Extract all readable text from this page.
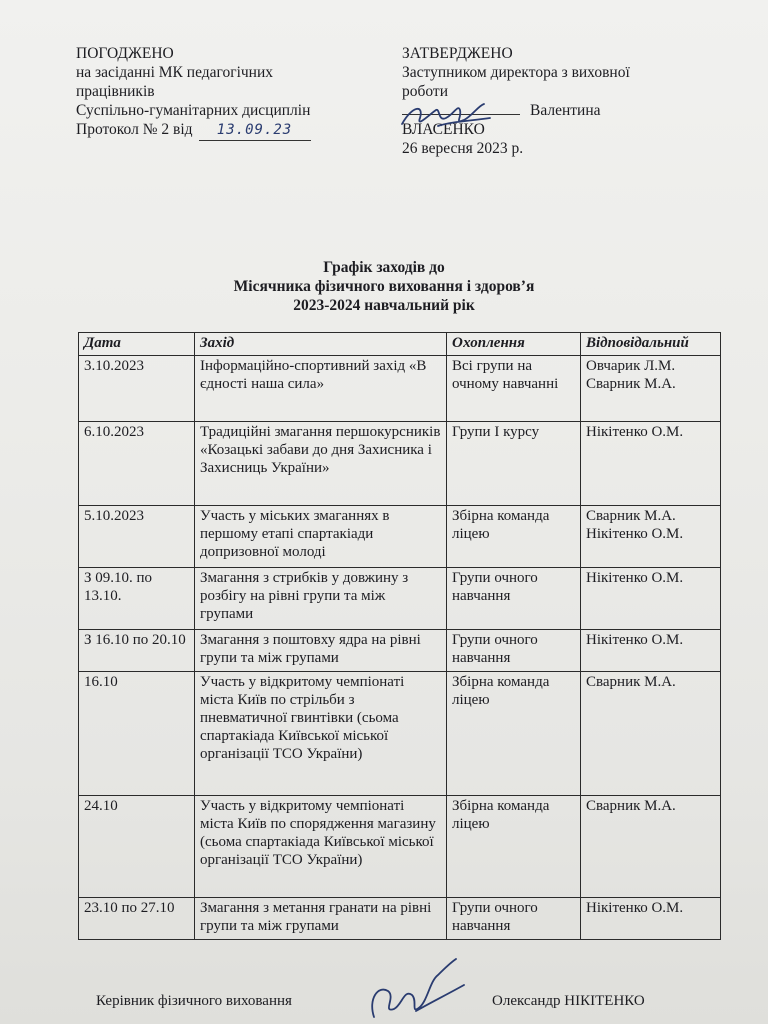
ПОГОДЖЕНО
на засіданні МК педагогічних
працівників
Суспільно-гуманітарних дисциплін
Протокол № 2 від 13.09.23
ЗАТВЕРДЖЕНО
Заступником директора з виховної
роботи
Валентина
ВЛАСЕНКО
26 вересня 2023 р.
Графік заходів до
Місячника фізичного виховання і здоров’я
2023-2024 навчальний рік
Дата	Захід	Охоплення	Відповідальний
3.10.2023	Інформаційно-спортивний захід «В єдності наша сила»	Всі групи на очному навчанні	Овчарик Л.М. Сварник М.А.
6.10.2023	Традиційні змагання першокурсників «Козацькі забави до дня Захисника і Захисниць України»	Групи І курсу	Нікітенко О.М.
5.10.2023	Участь у міських змаганнях в першому етапі спартакіади допризовної молоді	Збірна команда ліцею	Сварник М.А. Нікітенко О.М.
З 09.10. по 13.10.	Змагання з стрибків у довжину з розбігу на рівні групи та між групами	Групи очного навчання	Нікітенко О.М.
З 16.10 по 20.10	Змагання з поштовху ядра на рівні групи та між групами	Групи очного навчання	Нікітенко О.М.
16.10	Участь у відкритому чемпіонаті міста Київ по стрільби з пневматичної гвинтівки (сьома спартакіада Київської міської організації ТСО України)	Збірна команда ліцею	Сварник М.А.
24.10	Участь у відкритому чемпіонаті міста Київ по спорядження магазину (сьома спартакіада Київської міської організації ТСО України)	Збірна команда ліцею	Сварник М.А.
23.10 по 27.10	Змагання з метання гранати на рівні групи та між групами	Групи очного навчання	Нікітенко О.М.
Керівник фізичного виховання	Олександр НІКІТЕНКО
